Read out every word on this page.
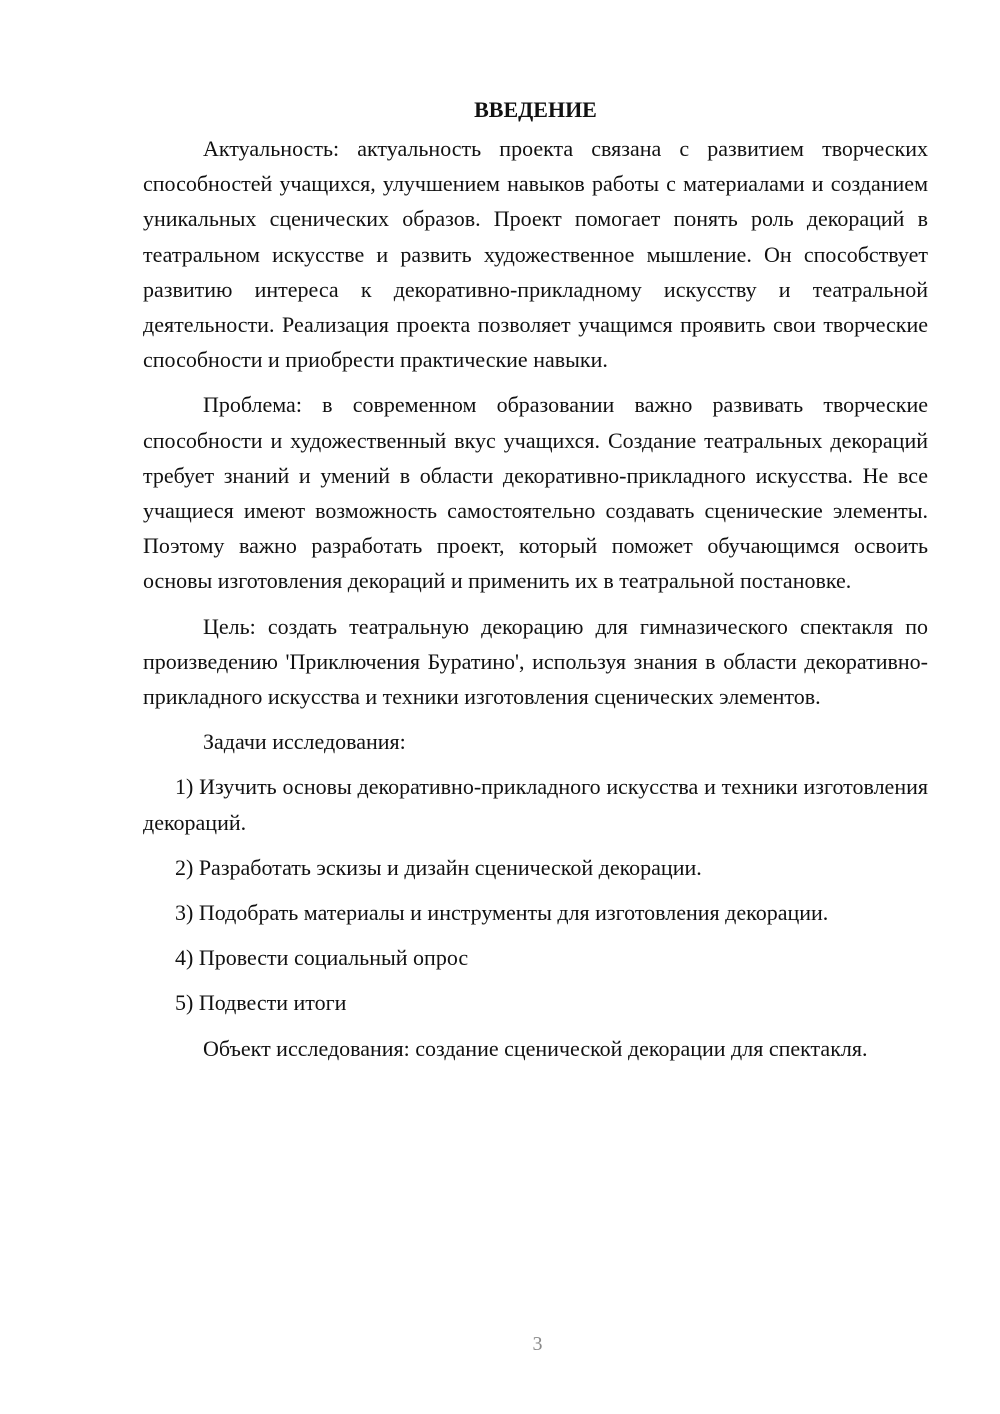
ВВЕДЕНИЕ

Актуальность: актуальность проекта связана с развитием творческих способностей учащихся, улучшением навыков работы с материалами и созданием уникальных сценических образов. Проект помогает понять роль декораций в театральном искусстве и развить художественное мышление. Он способствует развитию интереса к декоративно-прикладному искусству и театральной деятельности. Реализация проекта позволяет учащимся проявить свои творческие способности и приобрести практические навыки.

Проблема: в современном образовании важно развивать творческие способности и художественный вкус учащихся. Создание театральных декораций требует знаний и умений в области декоративно-прикладного искусства. Не все учащиеся имеют возможность самостоятельно создавать сценические элементы. Поэтому важно разработать проект, который поможет обучающимся освоить основы изготовления декораций и применить их в театральной постановке.

Цель: создать театральную декорацию для гимназического спектакля по произведению 'Приключения Буратино', используя знания в области декоративно-прикладного искусства и техники изготовления сценических элементов.

Задачи исследования:

1) Изучить основы декоративно-прикладного искусства и техники изготовления декораций.

2) Разработать эскизы и дизайн сценической декорации.

3) Подобрать материалы и инструменты для изготовления декорации.

4) Провести социальный опрос

5) Подвести итоги

Объект исследования: создание сценической декорации для спектакля.

3
